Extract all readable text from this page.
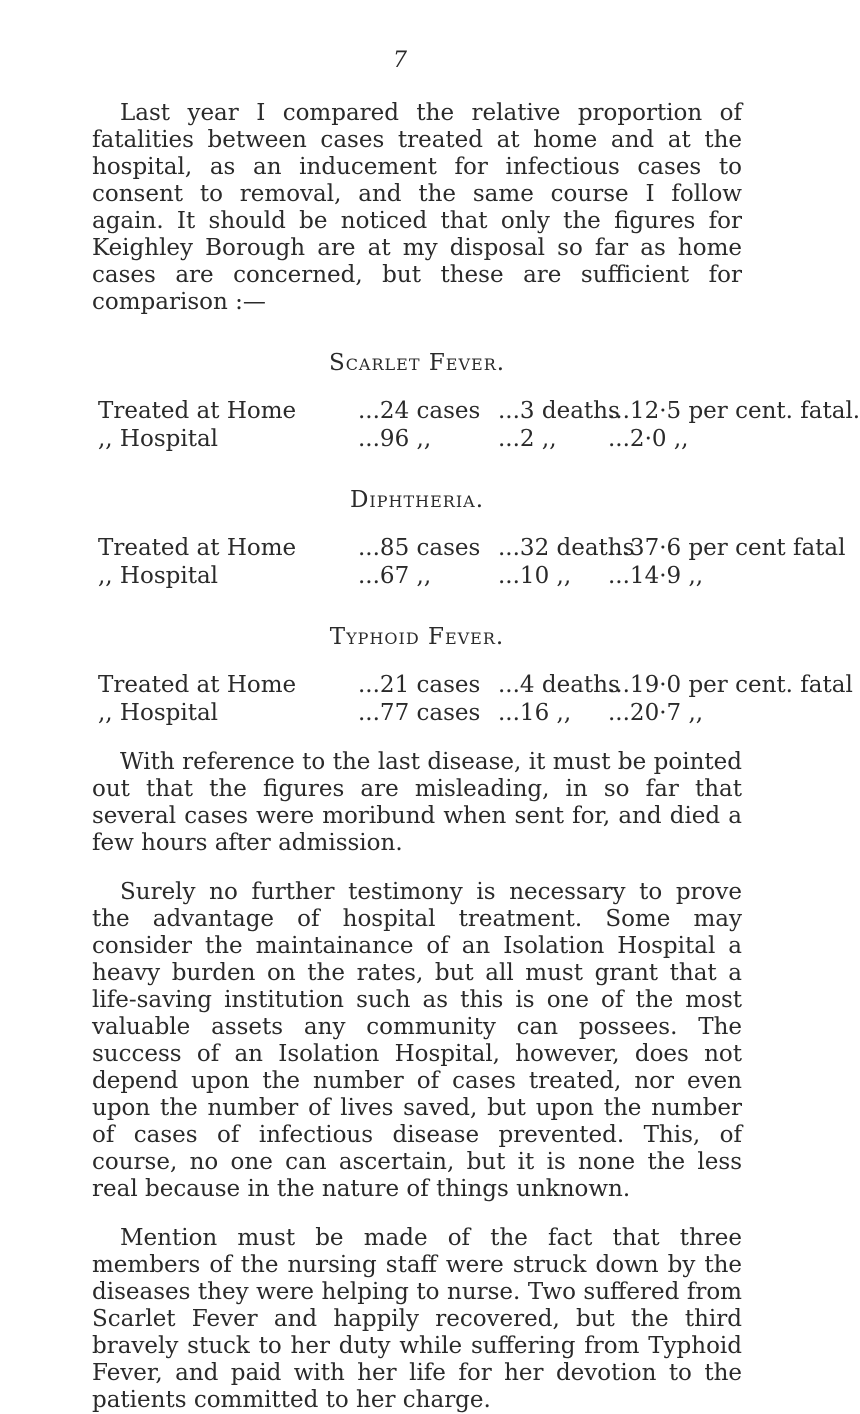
7

Last year I compared the relative proportion of fatalities between cases treated at home and at the hospital, as an inducement for infectious cases to consent to removal, and the same course I follow again. It should be noticed that only the figures for Keighley Borough are at my disposal so far as home cases are concerned, but these are sufficient for comparison :—

Scarlet Fever.

Treated at Home	...24 cases ...3 deaths...12·5 per cent. fatal.

,, Hospital	...96 ,,	...2 ,, ...2·0 ,,

Diphtheria.

Treated at Home	...85 cases ...32 deaths...37·6 per cent fatal

,, Hospital	...67 ,,	...10 ,, ...14·9 ,,

Typhoid Fever.

Treated at Home	...21 cases ...4 deaths...19·0 per cent. fatal

,, Hospital	...77 cases ...16 ,, ...20·7 ,,

With reference to the last disease, it must be pointed out that the figures are misleading, in so far that several cases were moribund when sent for, and died a few hours after admission.

Surely no further testimony is necessary to prove the advantage of hospital treatment. Some may consider the maintainance of an Isolation Hospital a heavy burden on the rates, but all must grant that a life-saving institution such as this is one of the most valuable assets any community can possees. The success of an Isolation Hospital, however, does not depend upon the number of cases treated, nor even upon the number of lives saved, but upon the number of cases of infectious disease prevented. This, of course, no one can ascertain, but it is none the less real because in the nature of things unknown.

Mention must be made of the fact that three members of the nursing staff were struck down by the diseases they were helping to nurse. Two suffered from Scarlet Fever and happily recovered, but the third bravely stuck to her duty while suffering from Typhoid Fever, and paid with her life for her devotion to the patients committed to her charge.
